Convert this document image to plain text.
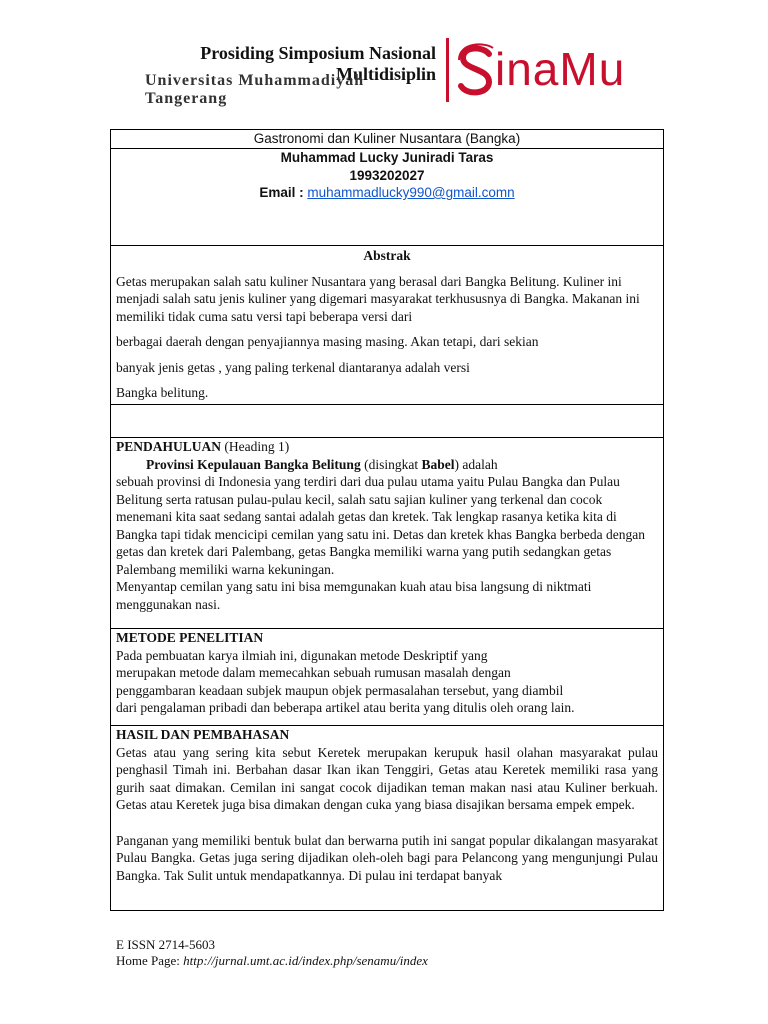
Prosiding Simposium Nasional
Multidisiplin
Universitas Muhammadiyah Tangerang
inaMu
Gastronomi dan Kuliner Nusantara (Bangka)

Muhammad Lucky Juniradi Taras
1993202027
Email : muhammadlucky990@gmail.comn

Abstrak

Getas merupakan salah satu kuliner Nusantara yang berasal dari Bangka Belitung. Kuliner ini menjadi salah satu jenis kuliner yang digemari masyarakat terkhususnya di Bangka. Makanan ini memiliki tidak cuma satu versi tapi beberapa versi dari

berbagai daerah dengan penyajiannya masing masing. Akan tetapi, dari sekian

banyak jenis getas , yang paling terkenal diantaranya adalah versi

Bangka belitung.

PENDAHULUAN (Heading 1)
Provinsi Kepulauan Bangka Belitung (disingkat Babel) adalah

sebuah provinsi di Indonesia yang terdiri dari dua pulau utama yaitu Pulau Bangka dan Pulau Belitung serta ratusan pulau-pulau kecil, salah satu sajian kuliner yang terkenal dan cocok menemani kita saat sedang santai adalah getas dan kretek. Tak lengkap rasanya ketika kita di Bangka tapi tidak mencicipi cemilan yang satu ini. Detas dan kretek khas Bangka berbeda dengan getas dan kretek dari Palembang, getas Bangka memiliki warna yang putih sedangkan getas Palembang memiliki warna kekuningan.

Menyantap cemilan yang satu ini bisa memgunakan kuah atau bisa langsung di niktmati menggunakan nasi.

METODE PENELITIAN

Pada pembuatan karya ilmiah ini, digunakan metode Deskriptif yang

merupakan metode dalam memecahkan sebuah rumusan masalah dengan

penggambaran keadaan subjek maupun objek permasalahan tersebut, yang diambil

dari pengalaman pribadi dan beberapa artikel atau berita yang ditulis oleh orang lain.

HASIL DAN PEMBAHASAN

Getas atau yang sering kita sebut Keretek merupakan kerupuk hasil olahan masyarakat pulau penghasil Timah ini. Berbahan dasar Ikan ikan Tenggiri, Getas atau Keretek memiliki rasa yang gurih saat dimakan. Cemilan ini sangat cocok dijadikan teman makan nasi atau Kuliner berkuah. Getas atau Keretek juga bisa dimakan dengan cuka yang biasa disajikan bersama empek empek.

Panganan yang memiliki bentuk bulat dan berwarna putih ini sangat popular dikalangan masyarakat Pulau Bangka. Getas juga sering dijadikan oleh-oleh bagi para Pelancong yang mengunjungi Pulau Bangka. Tak Sulit untuk mendapatkannya. Di pulau ini terdapat banyak

E ISSN 2714-5603
Home Page: http://jurnal.umt.ac.id/index.php/senamu/index
